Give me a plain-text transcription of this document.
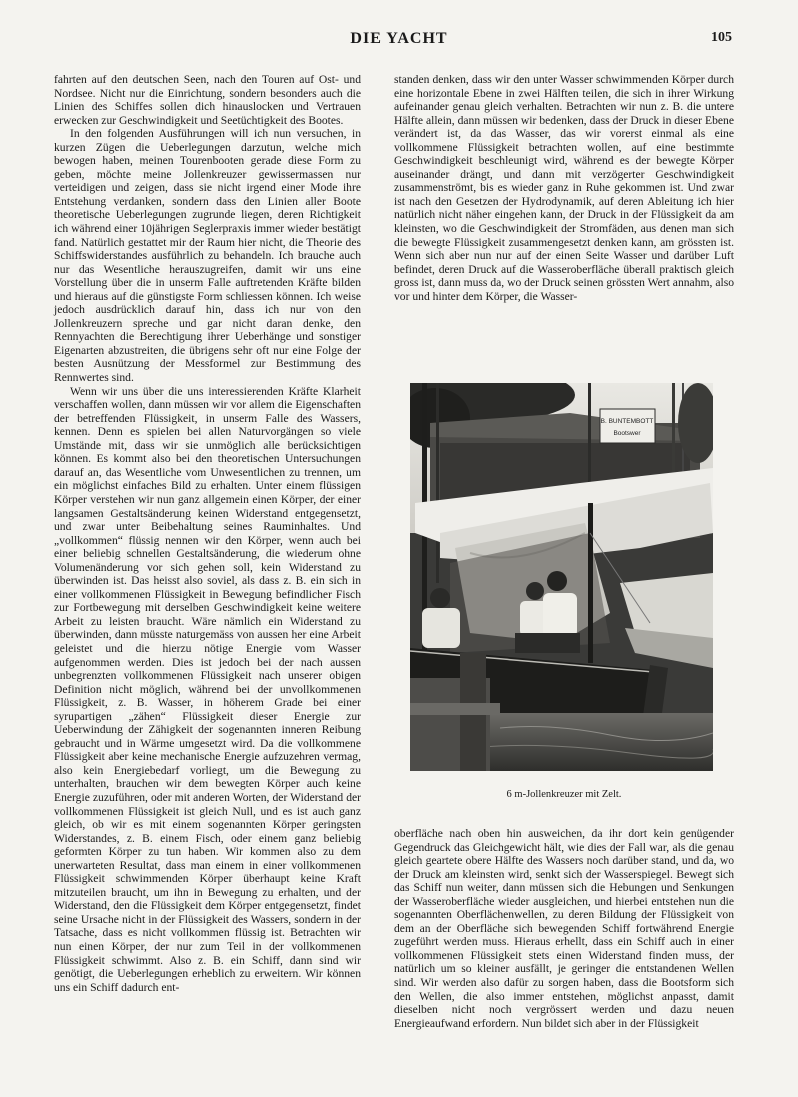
DIE YACHT	105

fahrten auf den deutschen Seen, nach den Touren auf Ost- und Nordsee. Nicht nur die Einrichtung, sondern besonders auch die Linien des Schiffes sollen dich hinauslocken und Vertrauen erwecken zur Geschwindigkeit und Seetüchtigkeit des Bootes.

In den folgenden Ausführungen will ich nun versuchen, in kurzen Zügen die Ueberlegungen darzutun, welche mich bewogen haben, meinen Tourenbooten gerade diese Form zu geben, möchte meine Jollenkreuzer gewissermassen nur verteidigen und zeigen, dass sie nicht irgend einer Mode ihre Entstehung verdanken, sondern dass den Linien aller Boote theoretische Ueberlegungen zugrunde liegen, deren Richtigkeit ich während einer 10jährigen Seglerpraxis immer wieder bestätigt fand. Natürlich gestattet mir der Raum hier nicht, die Theorie des Schiffswiderstandes ausführlich zu behandeln. Ich brauche auch nur das Wesentliche herauszugreifen, damit wir uns eine Vorstellung über die in unserm Falle auftretenden Kräfte bilden und hieraus auf die günstigste Form schliessen können. Ich weise jedoch ausdrücklich darauf hin, dass ich nur von den Jollenkreuzern spreche und gar nicht daran denke, den Rennyachten die Berechtigung ihrer Ueberhänge und sonstiger Eigenarten abzustreiten, die übrigens sehr oft nur eine Folge der besten Ausnützung der Messformel zur Bestimmung des Rennwertes sind.

Wenn wir uns über die uns interessierenden Kräfte Klarheit verschaffen wollen, dann müssen wir vor allem die Eigenschaften der betreffenden Flüssigkeit, in unserm Falle des Wassers, kennen. Denn es spielen bei allen Naturvorgängen so viele Umstände mit, dass wir sie unmöglich alle berücksichtigen können. Es kommt also bei den theoretischen Untersuchungen darauf an, das Wesentliche vom Unwesentlichen zu trennen, um ein möglichst einfaches Bild zu erhalten. Unter einem flüssigen Körper verstehen wir nun ganz allgemein einen Körper, der einer langsamen Gestaltsänderung keinen Widerstand entgegensetzt, und zwar unter Beibehaltung seines Rauminhaltes. Und „vollkommen“ flüssig nennen wir den Körper, wenn auch bei einer beliebig schnellen Gestaltsänderung, die wiederum ohne Volumenänderung vor sich gehen soll, kein Widerstand zu überwinden ist. Das heisst also soviel, als dass z. B. ein sich in einer vollkommenen Flüssigkeit in Bewegung befindlicher Fisch zur Fortbewegung mit derselben Geschwindigkeit keine weitere Arbeit zu leisten braucht. Wäre nämlich ein Widerstand zu überwinden, dann müsste naturgemäss von aussen her eine Arbeit geleistet und die hierzu nötige Energie vom Wasser aufgenommen werden. Dies ist jedoch bei der nach aussen unbegrenzten vollkommenen Flüssigkeit nach unserer obigen Definition nicht möglich, während bei der unvollkommenen Flüssigkeit, z. B. Wasser, in höherem Grade bei einer syrupartigen „zähen“ Flüssigkeit dieser Energie zur Ueberwindung der Zähigkeit der sogenannten inneren Reibung gebraucht und in Wärme umgesetzt wird. Da die vollkommene Flüssigkeit aber keine mechanische Energie aufzuzehren vermag, also kein Energiebedarf vorliegt, um die Bewegung zu unterhalten, brauchen wir dem bewegten Körper auch keine Energie zuzuführen, oder mit anderen Worten, der Widerstand der vollkommenen Flüssigkeit ist gleich Null, und es ist auch ganz gleich, ob wir es mit einem sogenannten Körper geringsten Widerstandes, z. B. einem Fisch, oder einem ganz beliebig geformten Körper zu tun haben. Wir kommen also zu dem unerwarteten Resultat, dass man einem in einer vollkommenen Flüssigkeit schwimmenden Körper überhaupt keine Kraft mitzuteilen braucht, um ihn in Bewegung zu erhalten, und der Widerstand, den die Flüssigkeit dem Körper entgegensetzt, findet seine Ursache nicht in der Flüssigkeit des Wassers, sondern in der Tatsache, dass es nicht vollkommen flüssig ist. Betrachten wir nun einen Körper, der nur zum Teil in der vollkommenen Flüssigkeit schwimmt. Also z. B. ein Schiff, dann sind wir genötigt, die Ueberlegungen erheblich zu erweitern. Wir können uns ein Schiff dadurch ent-

standen denken, dass wir den unter Wasser schwimmenden Körper durch eine horizontale Ebene in zwei Hälften teilen, die sich in ihrer Wirkung aufeinander genau gleich verhalten. Betrachten wir nun z. B. die untere Hälfte allein, dann müssen wir bedenken, dass der Druck in dieser Ebene verändert ist, da das Wasser, das wir vorerst einmal als eine vollkommene Flüssigkeit betrachten wollen, auf eine bestimmte Geschwindigkeit beschleunigt wird, während es der bewegte Körper auseinander drängt, und dann mit verzögerter Geschwindigkeit zusammenströmt, bis es wieder ganz in Ruhe gekommen ist. Und zwar ist nach den Gesetzen der Hydrodynamik, auf deren Ableitung ich hier natürlich nicht näher eingehen kann, der Druck in der Flüssigkeit da am kleinsten, wo die Geschwindigkeit der Stromfäden, aus denen man sich die bewegte Flüssigkeit zusammengesetzt denken kann, am grössten ist. Wenn sich aber nun nur auf der einen Seite Wasser und darüber Luft befindet, deren Druck auf die Wasseroberfläche überall praktisch gleich gross ist, dann muss da, wo der Druck seinen grössten Wert annahm, also vor und hinter dem Körper, die Wasser-

B. BUNTEMBOTT
Bootswer
6 m-Jollenkreuzer mit Zelt.

oberfläche nach oben hin ausweichen, da ihr dort kein genügender Gegendruck das Gleichgewicht hält, wie dies der Fall war, als die genau gleich geartete obere Hälfte des Wassers noch darüber stand, und da, wo der Druck am kleinsten wird, senkt sich der Wasserspiegel. Bewegt sich das Schiff nun weiter, dann müssen sich die Hebungen und Senkungen der Wasseroberfläche wieder ausgleichen, und hierbei entstehen nun die sogenannten Oberflächenwellen, zu deren Bildung der Flüssigkeit von dem an der Oberfläche sich bewegenden Schiff fortwährend Energie zugeführt werden muss. Hieraus erhellt, dass ein Schiff auch in einer vollkommenen Flüssigkeit stets einen Widerstand finden muss, der natürlich um so kleiner ausfällt, je geringer die entstandenen Wellen sind. Wir werden also dafür zu sorgen haben, dass die Bootsform sich den Wellen, die also immer entstehen, möglichst anpasst, damit dieselben nicht noch vergrössert werden und dazu neuen Energieaufwand erfordern. Nun bildet sich aber in der Flüssigkeit
